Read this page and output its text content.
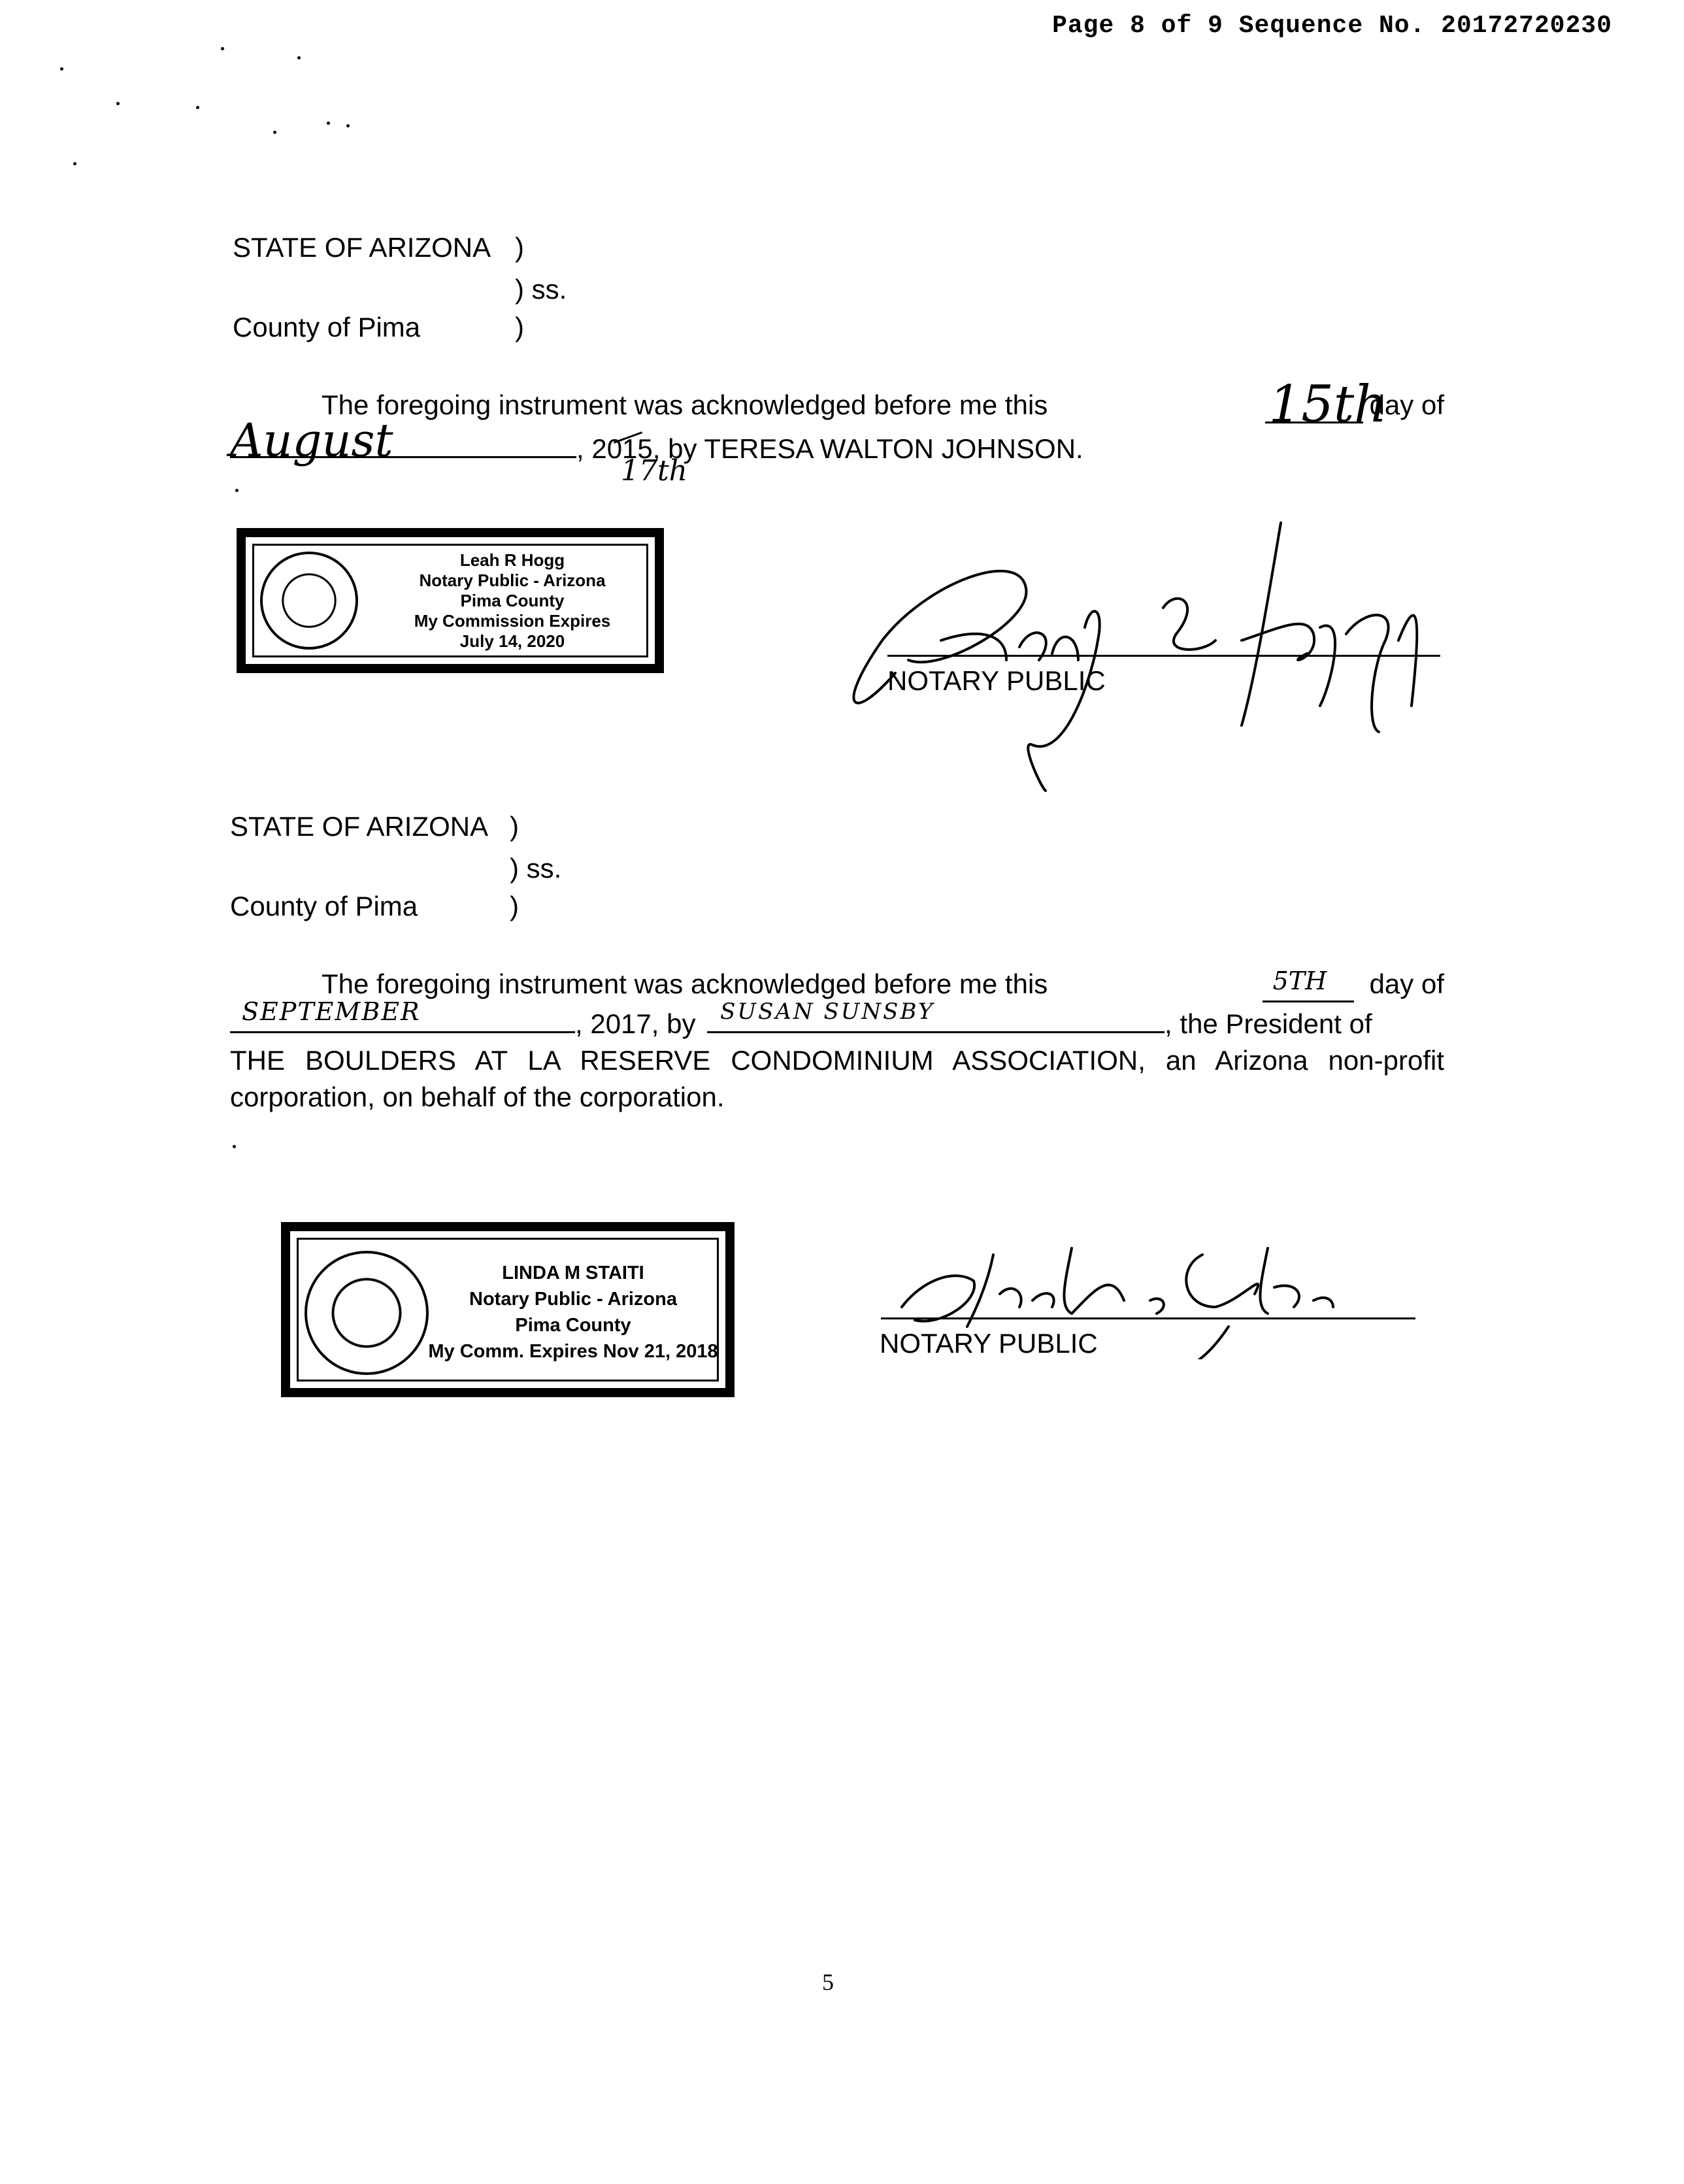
Page 8 of 9 Sequence No. 20172720230
STATE OF ARIZONA )
) ss.
County of Pima	)
The foregoing instrument was acknowledged before me this	15th
day of
August	, 2015, by TERESA WALTON JOHNSON.
17th
Leah R Hogg
Notary Public - Arizona
Pima County
My Commission Expires
July 14, 2020
NOTARY PUBLIC
STATE OF ARIZONA )
) ss.
County of Pima	)
The foregoing instrument was acknowledged before me this	5TH day of
SEPTEMBER	, 2017, by SUSAN SUNSBY	, the President of
THE BOULDERS AT LA RESERVE CONDOMINIUM ASSOCIATION, an Arizona non-profit
corporation, on behalf of the corporation.
LINDA M STAITI
Notary Public - Arizona
Pima County
My Comm. Expires Nov 21, 2018	NOTARY PUBLIC
5
